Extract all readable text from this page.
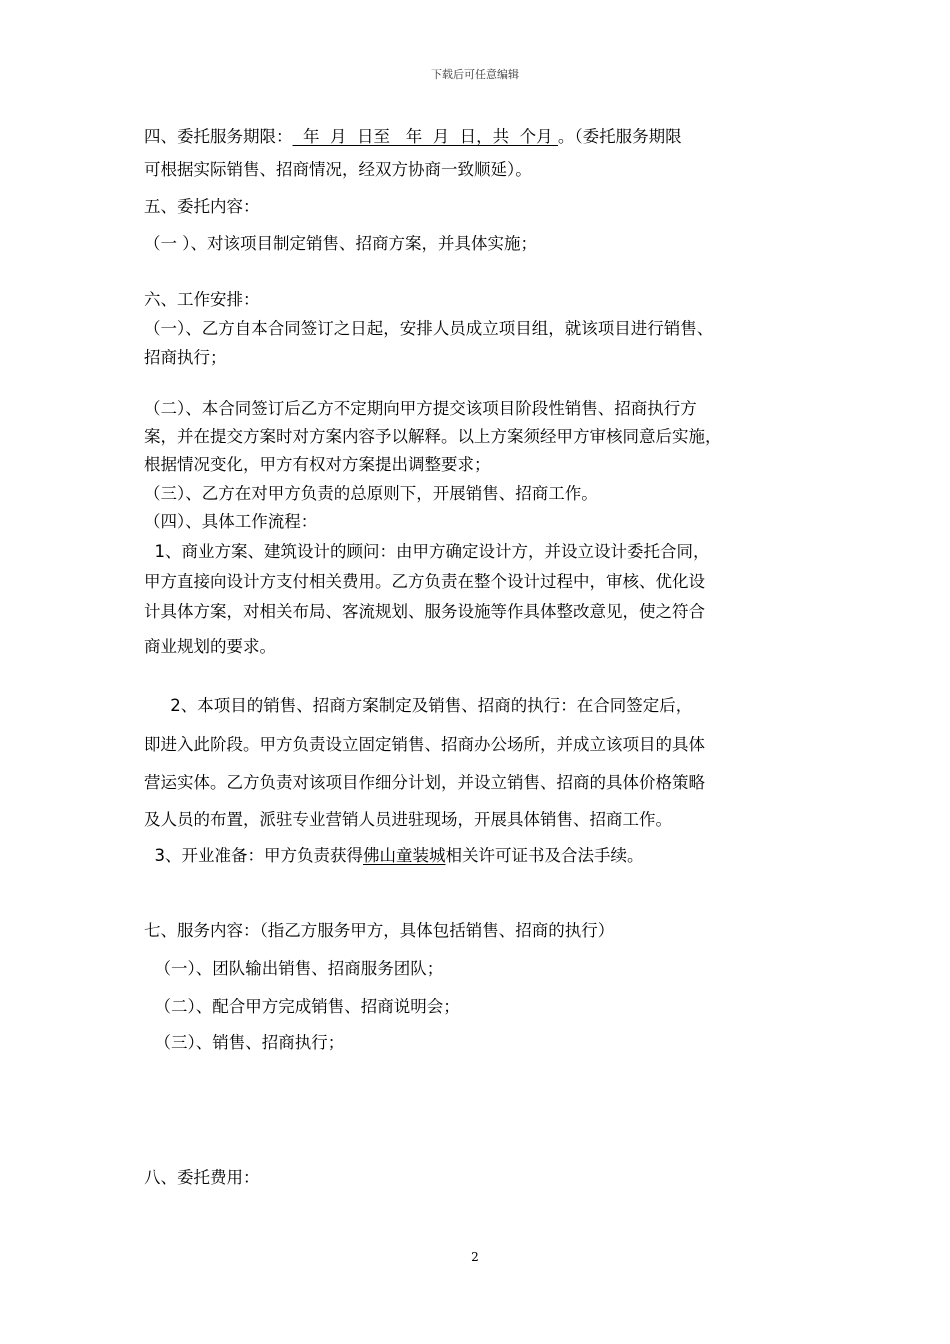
下载后可任意编辑
四、委托服务期限：  年  月  日至   年  月  日，共  个月 。（委托服务期限
可根据实际销售、招商情况，经双方协商一致顺延）。
五、委托内容：
（一 ）、对该项目制定销售、招商方案，并具体实施；
六、工作安排：
（一）、乙方自本合同签订之日起，安排人员成立项目组，就该项目进行销售、
招商执行；
（二）、本合同签订后乙方不定期向甲方提交该项目阶段性销售、招商执行方
案，并在提交方案时对方案内容予以解释。以上方案须经甲方审核同意后实施，
根据情况变化，甲方有权对方案提出调整要求；
（三）、乙方在对甲方负责的总原则下，开展销售、招商工作。
（四）、具体工作流程：
1、商业方案、建筑设计的顾问：由甲方确定设计方，并设立设计委托合同，
甲方直接向设计方支付相关费用。乙方负责在整个设计过程中，审核、优化设
计具体方案，对相关布局、客流规划、服务设施等作具体整改意见，使之符合
商业规划的要求。
2、本项目的销售、招商方案制定及销售、招商的执行：在合同签定后，
即进入此阶段。甲方负责设立固定销售、招商办公场所，并成立该项目的具体
营运实体。乙方负责对该项目作细分计划，并设立销售、招商的具体价格策略
及人员的布置，派驻专业营销人员进驻现场，开展具体销售、招商工作。
3、开业准备：甲方负责获得佛山童装城相关许可证书及合法手续。
七、服务内容：（指乙方服务甲方，具体包括销售、招商的执行）
（一）、团队输出销售、招商服务团队；
（二）、配合甲方完成销售、招商说明会；
（三）、销售、招商执行；
八、委托费用：
2
